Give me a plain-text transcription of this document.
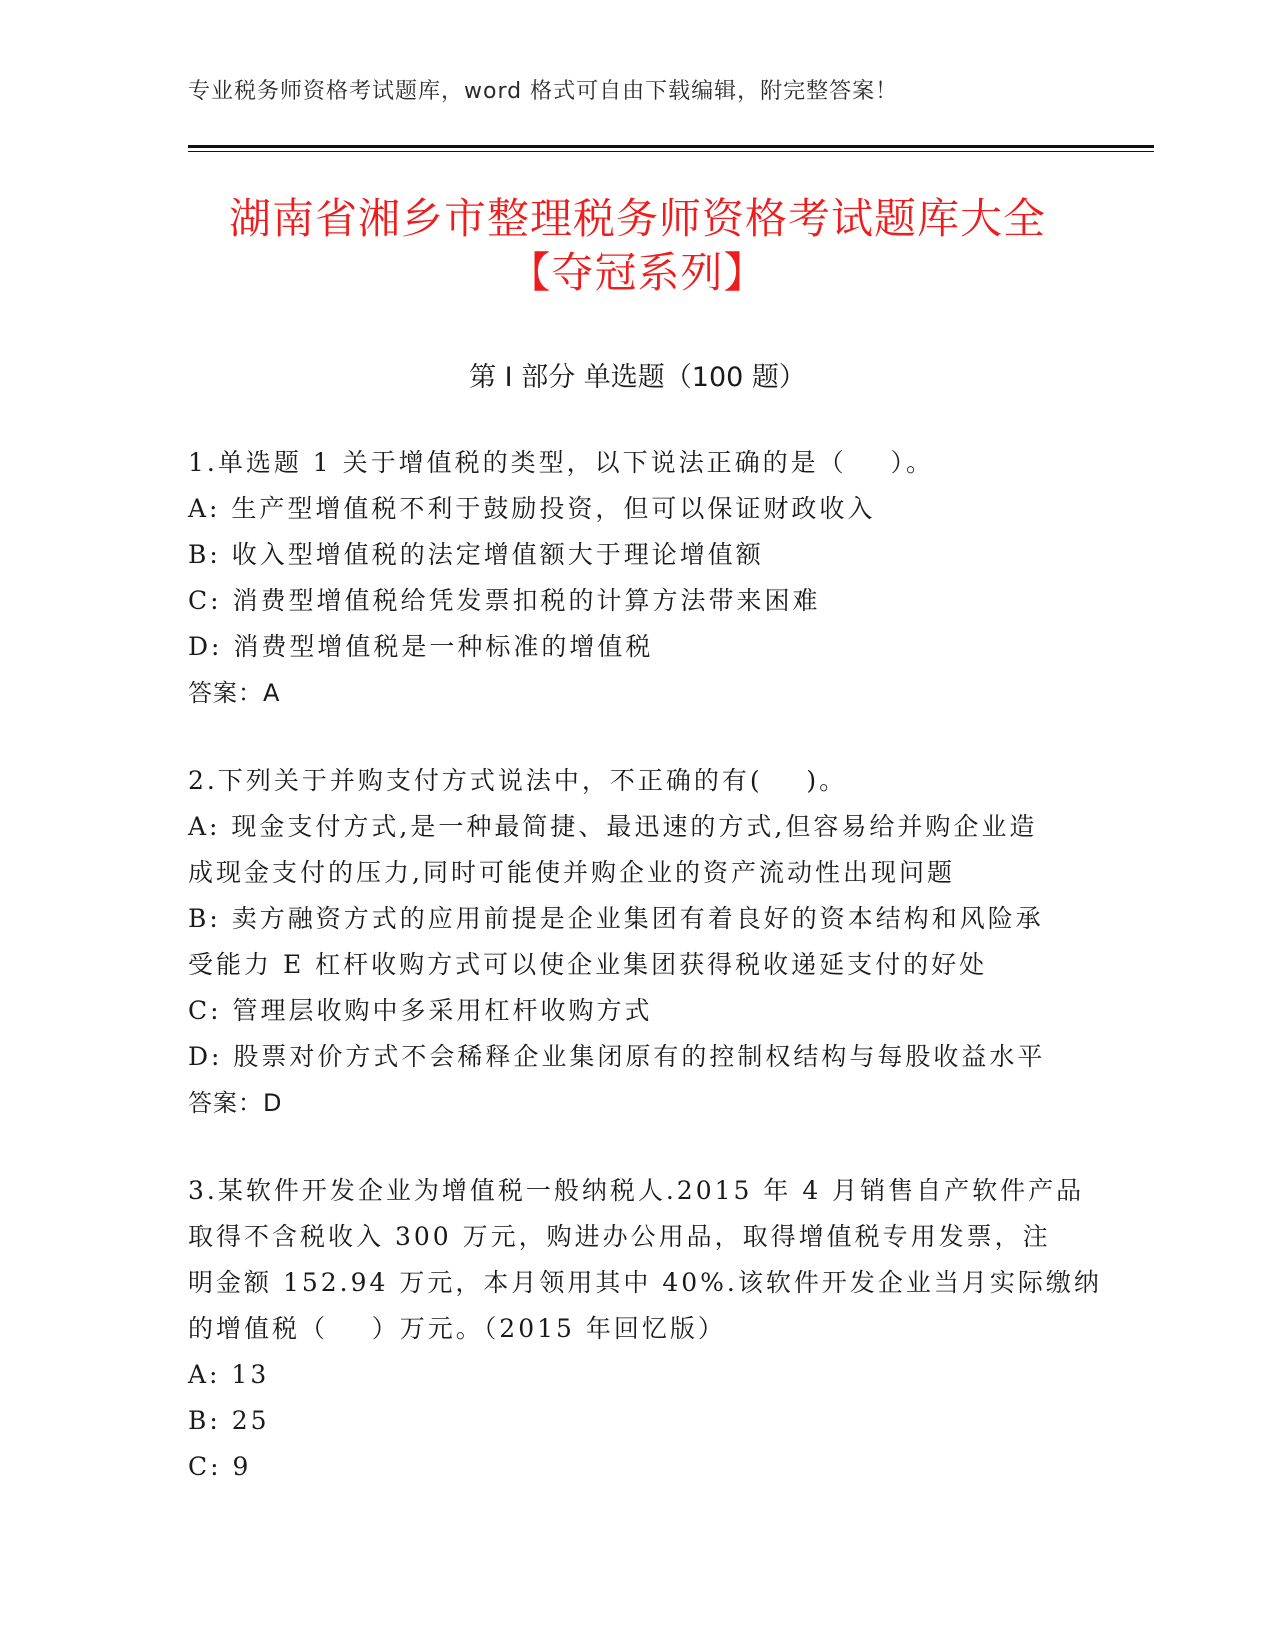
专业税务师资格考试题库，word 格式可自由下载编辑，附完整答案！
湖南省湘乡市整理税务师资格考试题库大全
【夺冠系列】
第 I 部分 单选题（100 题）
1.单选题 1 关于增值税的类型，以下说法正确的是（    ）。
A: 生产型增值税不利于鼓励投资，但可以保证财政收入
B: 收入型增值税的法定增值额大于理论增值额
C: 消费型增值税给凭发票扣税的计算方法带来困难
D: 消费型增值税是一种标准的增值税
答案：A
2.下列关于并购支付方式说法中，不正确的有(    )。
A: 现金支付方式,是一种最简捷、最迅速的方式,但容易给并购企业造
成现金支付的压力,同时可能使并购企业的资产流动性出现问题
B: 卖方融资方式的应用前提是企业集团有着良好的资本结构和风险承
受能力 E 杠杆收购方式可以使企业集团获得税收递延支付的好处
C: 管理层收购中多采用杠杆收购方式
D: 股票对价方式不会稀释企业集闭原有的控制权结构与每股收益水平
答案：D
3.某软件开发企业为增值税一般纳税人.2015 年 4 月销售自产软件产品
取得不含税收入 300 万元，购进办公用品，取得增值税专用发票，注
明金额 152.94 万元，本月领用其中 40%.该软件开发企业当月实际缴纳
的增值税（    ）万元。（2015 年回忆版）
A: 13
B: 25
C: 9
